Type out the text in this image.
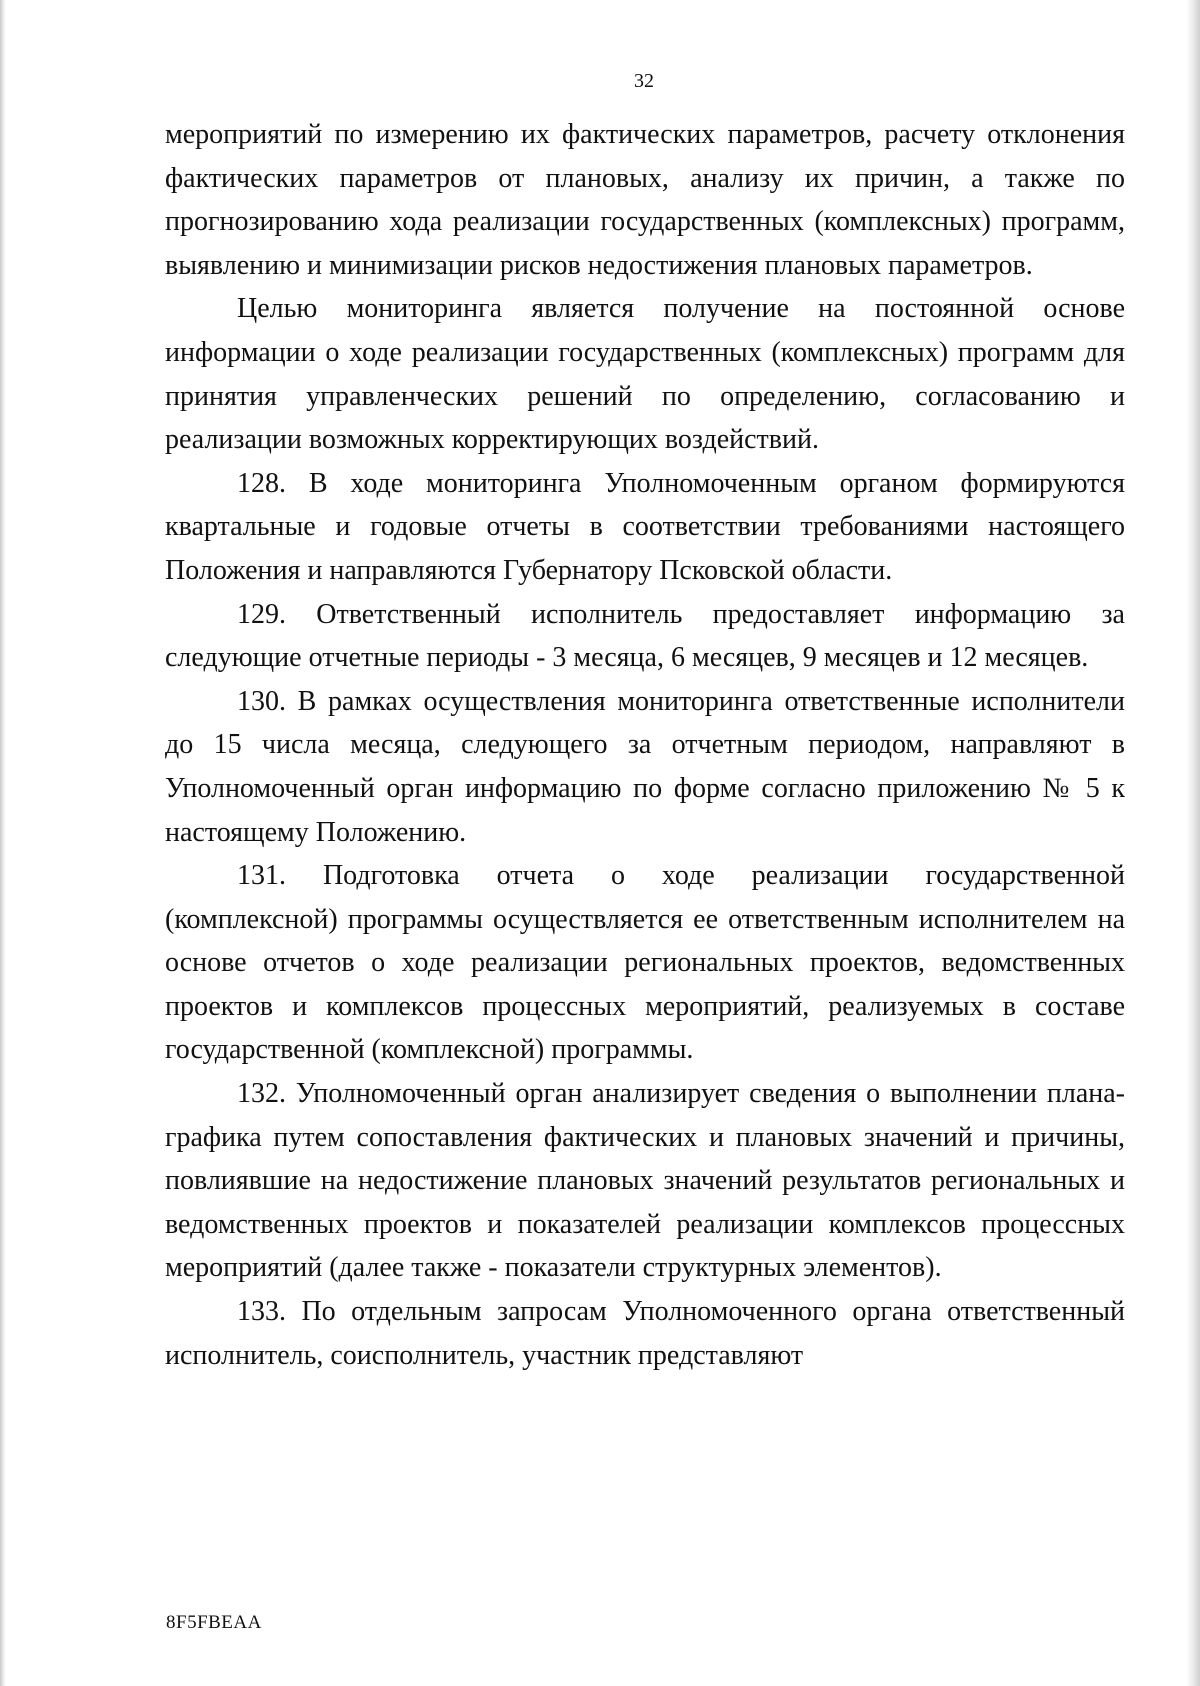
32

мероприятий по измерению их фактических параметров, расчету отклонения фактических параметров от плановых, анализу их причин, а также по прогнозированию хода реализации государственных (комплексных) программ, выявлению и минимизации рисков недостижения плановых параметров.

Целью мониторинга является получение на постоянной основе информации о ходе реализации государственных (комплексных) программ для принятия управленческих решений по определению, согласованию и реализации возможных корректирующих воздействий.

128. В ходе мониторинга Уполномоченным органом формируются квартальные и годовые отчеты в соответствии требованиями настоящего Положения и направляются Губернатору Псковской области.

129. Ответственный исполнитель предоставляет информацию за следующие отчетные периоды - 3 месяца, 6 месяцев, 9 месяцев и 12 месяцев.

130. В рамках осуществления мониторинга ответственные исполнители до 15 числа месяца, следующего за отчетным периодом, направляют в Уполномоченный орган информацию по форме согласно приложению № 5 к настоящему Положению.

131. Подготовка отчета о ходе реализации государственной (комплексной) программы осуществляется ее ответственным исполнителем на основе отчетов о ходе реализации региональных проектов, ведомственных проектов и комплексов процессных мероприятий, реализуемых в составе государственной (комплексной) программы.

132. Уполномоченный орган анализирует сведения о выполнении плана-графика путем сопоставления фактических и плановых значений и причины, повлиявшие на недостижение плановых значений результатов региональных и ведомственных проектов и показателей реализации комплексов процессных мероприятий (далее также - показатели структурных элементов).

133. По отдельным запросам Уполномоченного органа ответственный исполнитель, соисполнитель, участник представляют

8F5FBEAA
